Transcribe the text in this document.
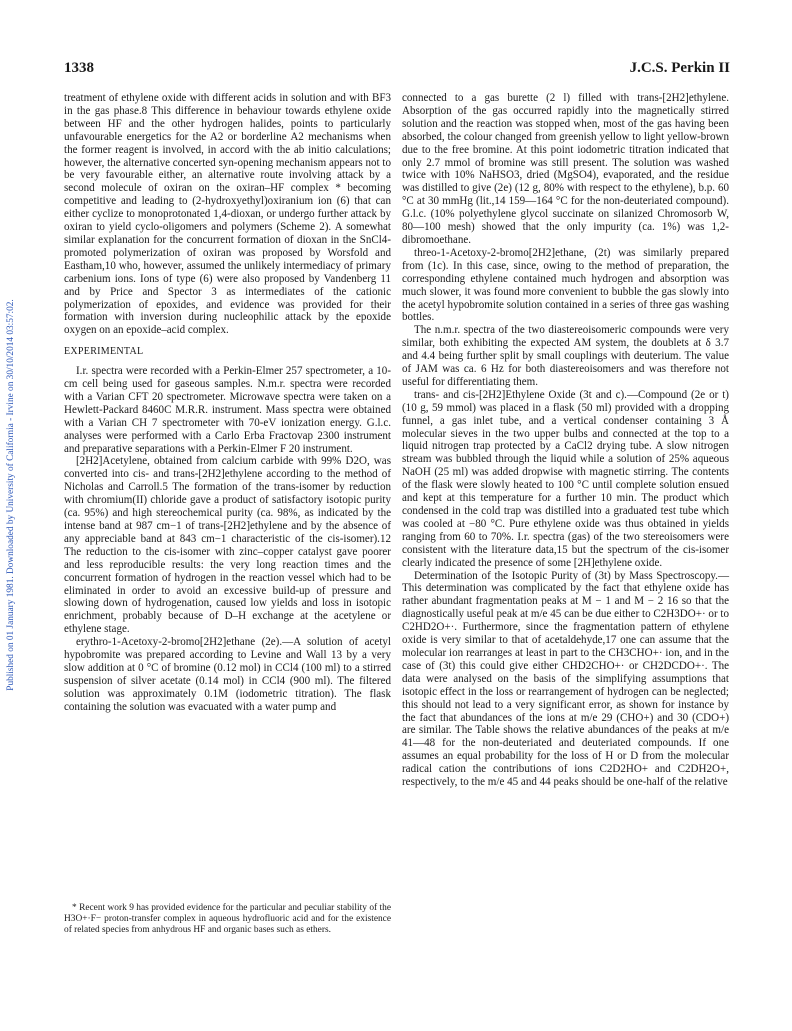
1338	J.C.S. Perkin II
Published on 01 January 1981. Downloaded by University of California - Irvine on 30/10/2014 03:57:02.

treatment of ethylene oxide with different acids in solution and with BF3 in the gas phase.8 This difference in behaviour towards ethylene oxide between HF and the other hydrogen halides, points to particularly unfavourable energetics for the A2 or borderline A2 mechanisms when the former reagent is involved, in accord with the ab initio calculations; however, the alternative concerted syn-opening mechanism appears not to be very favourable either, an alternative route involving attack by a second molecule of oxiran on the oxiran–HF complex * becoming competitive and leading to (2-hydroxyethyl)oxiranium ion (6) that can either cyclize to monoprotonated 1,4-dioxan, or undergo further attack by oxiran to yield cyclo-oligomers and polymers (Scheme 2). A somewhat similar explanation for the concurrent formation of dioxan in the SnCl4-promoted polymerization of oxiran was proposed by Worsfold and Eastham,10 who, however, assumed the unlikely intermediacy of primary carbenium ions. Ions of type (6) were also proposed by Vandenberg 11 and by Price and Spector 3 as intermediates of the cationic polymerization of epoxides, and evidence was provided for their formation with inversion during nucleophilic attack by the epoxide oxygen on an epoxide–acid complex.

EXPERIMENTAL

I.r. spectra were recorded with a Perkin-Elmer 257 spectrometer, a 10-cm cell being used for gaseous samples. N.m.r. spectra were recorded with a Varian CFT 20 spectrometer. Microwave spectra were taken on a Hewlett-Packard 8460C M.R.R. instrument. Mass spectra were obtained with a Varian CH 7 spectrometer with 70-eV ionization energy. G.l.c. analyses were performed with a Carlo Erba Fractovap 2300 instrument and preparative separations with a Perkin-Elmer F 20 instrument.

[2H2]Acetylene, obtained from calcium carbide with 99% D2O, was converted into cis- and trans-[2H2]ethylene according to the method of Nicholas and Carroll.5 The formation of the trans-isomer by reduction with chromium(II) chloride gave a product of satisfactory isotopic purity (ca. 95%) and high stereochemical purity (ca. 98%, as indicated by the intense band at 987 cm−1 of trans-[2H2]ethylene and by the absence of any appreciable band at 843 cm−1 characteristic of the cis-isomer).12 The reduction to the cis-isomer with zinc–copper catalyst gave poorer and less reproducible results: the very long reaction times and the concurrent formation of hydrogen in the reaction vessel which had to be eliminated in order to avoid an excessive build-up of pressure and slowing down of hydrogenation, caused low yields and loss in isotopic enrichment, probably because of D–H exchange at the acetylene or ethylene stage.

erythro-1-Acetoxy-2-bromo[2H2]ethane (2e).—A solution of acetyl hypobromite was prepared according to Levine and Wall 13 by a very slow addition at 0 °C of bromine (0.12 mol) in CCl4 (100 ml) to a stirred suspension of silver acetate (0.14 mol) in CCl4 (900 ml). The filtered solution was approximately 0.1M (iodometric titration). The flask containing the solution was evacuated with a water pump and

* Recent work 9 has provided evidence for the particular and peculiar stability of the H3O+·F− proton-transfer complex in aqueous hydrofluoric acid and for the existence of related species from anhydrous HF and organic bases such as ethers.

connected to a gas burette (2 l) filled with trans-[2H2]ethylene. Absorption of the gas occurred rapidly into the magnetically stirred solution and the reaction was stopped when, most of the gas having been absorbed, the colour changed from greenish yellow to light yellow-brown due to the free bromine. At this point iodometric titration indicated that only 2.7 mmol of bromine was still present. The solution was washed twice with 10% NaHSO3, dried (MgSO4), evaporated, and the residue was distilled to give (2e) (12 g, 80% with respect to the ethylene), b.p. 60 °C at 30 mmHg (lit.,14 159—164 °C for the non-deuteriated compound). G.l.c. (10% polyethylene glycol succinate on silanized Chromosorb W, 80—100 mesh) showed that the only impurity (ca. 1%) was 1,2-dibromoethane.

threo-1-Acetoxy-2-bromo[2H2]ethane, (2t) was similarly prepared from (1c). In this case, since, owing to the method of preparation, the corresponding ethylene contained much hydrogen and absorption was much slower, it was found more convenient to bubble the gas slowly into the acetyl hypobromite solution contained in a series of three gas washing bottles.

The n.m.r. spectra of the two diastereoisomeric compounds were very similar, both exhibiting the expected AM system, the doublets at δ 3.7 and 4.4 being further split by small couplings with deuterium. The value of JAM was ca. 6 Hz for both diastereoisomers and was therefore not useful for differentiating them.

trans- and cis-[2H2]Ethylene Oxide (3t and c).—Compound (2e or t) (10 g, 59 mmol) was placed in a flask (50 ml) provided with a dropping funnel, a gas inlet tube, and a vertical condenser containing 3 Å molecular sieves in the two upper bulbs and connected at the top to a liquid nitrogen trap protected by a CaCl2 drying tube. A slow nitrogen stream was bubbled through the liquid while a solution of 25% aqueous NaOH (25 ml) was added dropwise with magnetic stirring. The contents of the flask were slowly heated to 100 °C until complete solution ensued and kept at this temperature for a further 10 min. The product which condensed in the cold trap was distilled into a graduated test tube which was cooled at −80 °C. Pure ethylene oxide was thus obtained in yields ranging from 60 to 70%. I.r. spectra (gas) of the two stereoisomers were consistent with the literature data,15 but the spectrum of the cis-isomer clearly indicated the presence of some [2H]ethylene oxide.

Determination of the Isotopic Purity of (3t) by Mass Spectroscopy.—This determination was complicated by the fact that ethylene oxide has rather abundant fragmentation peaks at M − 1 and M − 2 16 so that the diagnostically useful peak at m/e 45 can be due either to C2H3DO+· or to C2HD2O+·. Furthermore, since the fragmentation pattern of ethylene oxide is very similar to that of acetaldehyde,17 one can assume that the molecular ion rearranges at least in part to the CH3CHO+· ion, and in the case of (3t) this could give either CHD2CHO+· or CH2DCDO+·. The data were analysed on the basis of the simplifying assumptions that isotopic effect in the loss or rearrangement of hydrogen can be neglected; this should not lead to a very significant error, as shown for instance by the fact that abundances of the ions at m/e 29 (CHO+) and 30 (CDO+) are similar. The Table shows the relative abundances of the peaks at m/e 41—48 for the non-deuteriated and deuteriated compounds. If one assumes an equal probability for the loss of H or D from the molecular radical cation the contributions of ions C2D2HO+ and C2DH2O+, respectively, to the m/e 45 and 44 peaks should be one-half of the relative
